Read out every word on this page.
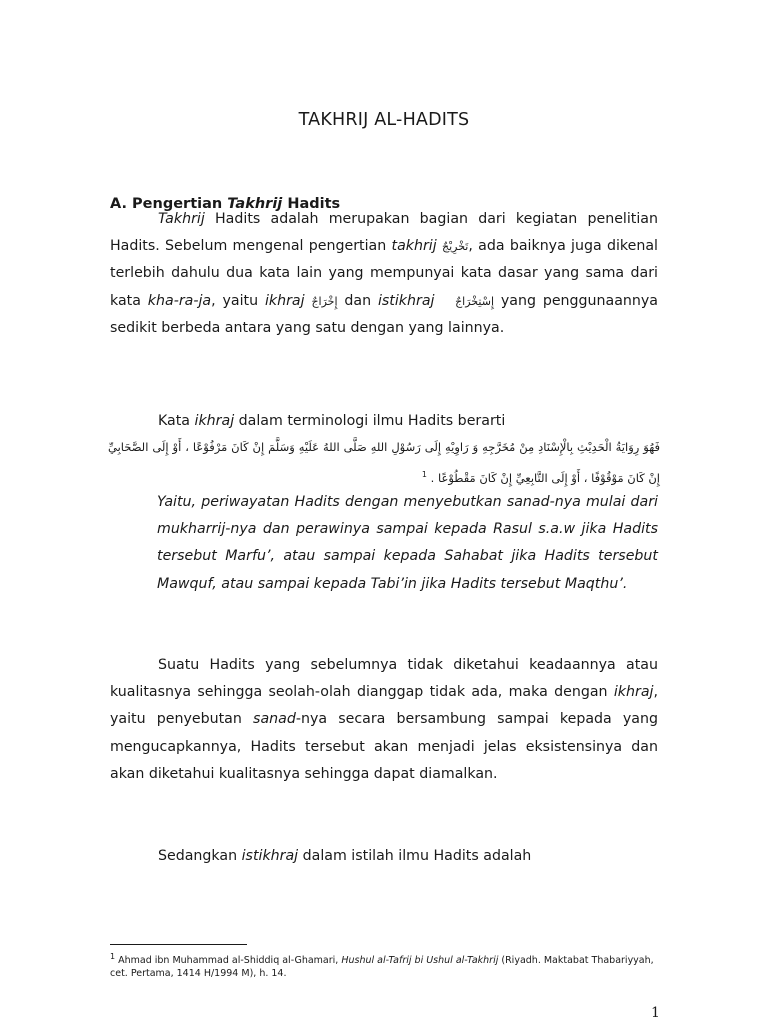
TAKHRIJ AL-HADITS
A. Pengertian Takhrij Hadits

Takhrij Hadits adalah merupakan bagian dari kegiatan penelitian Hadits. Sebelum mengenal pengertian takhrij تَخْرِيْجٌ, ada baiknya juga dikenal terlebih dahulu dua kata lain yang mempunyai kata dasar yang sama dari kata kha-ra-ja, yaitu ikhraj إِخْرَاجٌ dan istikhraj إِسْتِخْرَاجٌ yang penggunaannya sedikit berbeda antara yang satu dengan yang lainnya.

Kata ikhraj dalam terminologi ilmu Hadits berarti

فَهُوَ رِوَايَةُ الْحَدِيْثِ بِالْإِسْنَادِ مِنْ مُخَرَّجِهِ وَ رَاوِيْهِ إِلَى رَسُوْلِ اللهِ صَلَّى اللهُ عَلَيْهِ وَسَلَّمَ إِنْ كَانَ مَرْفُوْعًا ، أَوْ إِلَى الصَّحَابِيِّ إِنْ كَانَ مَوْقُوْفًا ، أَوْ إِلَى التَّابِعِيِّ إِنْ كَانَ مَقْطُوْعًا . $^1$

Yaitu, periwayatan Hadits dengan menyebutkan sanad-nya mulai dari mukharrij-nya dan perawinya sampai kepada Rasul s.a.w jika Hadits tersebut Marfu’, atau sampai kepada Sahabat jika Hadits tersebut Mawquf, atau sampai kepada Tabi’in jika Hadits tersebut Maqthu’.

Suatu Hadits yang sebelumnya tidak diketahui keadaannya atau kualitasnya sehingga seolah-olah dianggap tidak ada, maka dengan ikhraj, yaitu penyebutan sanad-nya secara bersambung sampai kepada yang mengucapkannya, Hadits tersebut akan menjadi jelas eksistensinya dan akan diketahui kualitasnya sehingga dapat diamalkan.

Sedangkan istikhraj dalam istilah ilmu Hadits adalah

$^1$ Ahmad ibn Muhammad al-Shiddiq al-Ghamari, Hushul al-Tafrij bi Ushul al-Takhrij (Riyadh. Maktabat Thabariyyah, cet. Pertama, 1414 H/1994 M), h. 14.

1
